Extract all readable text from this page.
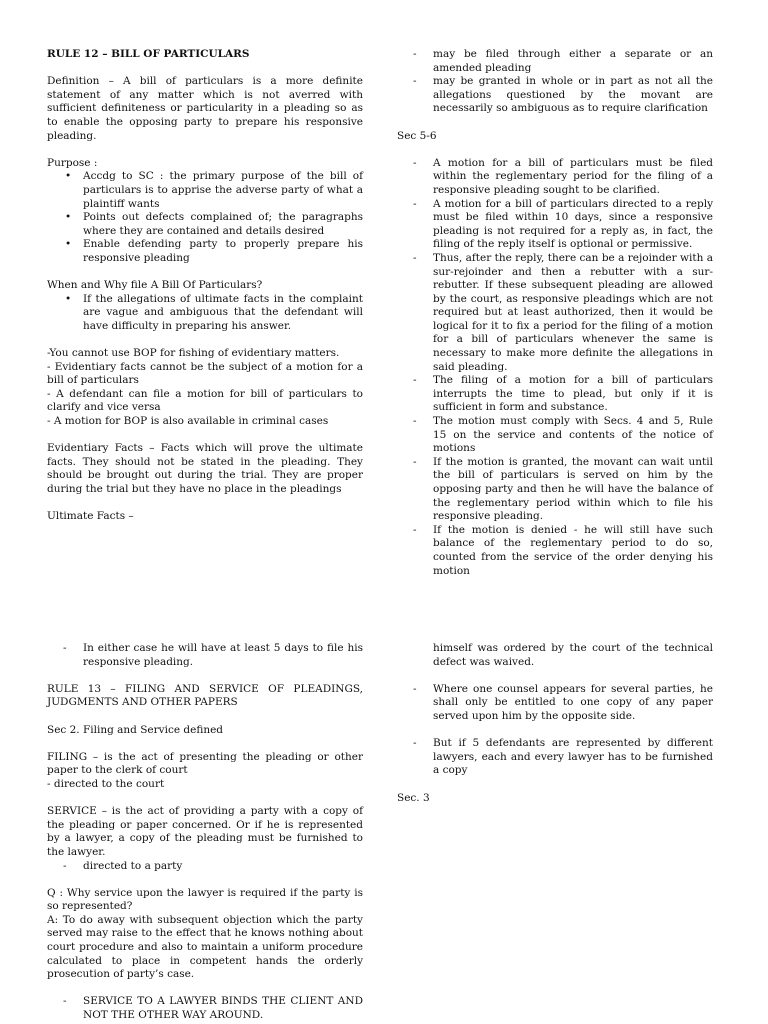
RULE 12 – BILL OF PARTICULARS

Definition – A bill of particulars is a more definite statement of any matter which is not averred with sufficient definiteness or particularity in a pleading so as to enable the opposing party to prepare his responsive pleading.

Purpose :

• Accdg to SC : the primary purpose of the bill of particulars is to apprise the adverse party of what a plaintiff wants
• Points out defects complained of; the paragraphs where they are contained and details desired
• Enable defending party to properly prepare his responsive pleading

When and Why file A Bill Of Particulars?

• If the allegations of ultimate facts in the complaint are vague and ambiguous that the defendant will have difficulty in preparing his answer.

-You cannot use BOP for fishing of evidentiary matters.

- Evidentiary facts cannot be the subject of a motion for a bill of particulars

- A defendant can file a motion for bill of particulars to clarify and vice versa

- A motion for BOP is also available in criminal cases

Evidentiary Facts – Facts which will prove the ultimate facts. They should not be stated in the pleading. They should be brought out during the trial. They are proper during the trial but they have no place in the pleadings

Ultimate Facts –

- may be filed through either a separate or an amended pleading
- may be granted in whole or in part as not all the allegations questioned by the movant are necessarily so ambiguous as to require clarification

Sec 5-6

- A motion for a bill of particulars must be filed within the reglementary period for the filing of a responsive pleading sought to be clarified.
- A motion for a bill of particulars directed to a reply must be filed within 10 days, since a responsive pleading is not required for a reply as, in fact, the filing of the reply itself is optional or permissive.
- Thus, after the reply, there can be a rejoinder with a sur-rejoinder and then a rebutter with a sur-rebutter. If these subsequent pleading are allowed by the court, as responsive pleadings which are not required but at least authorized, then it would be logical for it to fix a period for the filing of a motion for a bill of particulars whenever the same is necessary to make more definite the allegations in said pleading.
- The filing of a motion for a bill of particulars interrupts the time to plead, but only if it is sufficient in form and substance.
- The motion must comply with Secs. 4 and 5, Rule 15 on the service and contents of the notice of motions
- If the motion is granted, the movant can wait until the bill of particulars is served on him by the opposing party and then he will have the balance of the reglementary period within which to file his responsive pleading.
- If the motion is denied - he will still have such balance of the reglementary period to do so, counted from the service of the order denying his motion
- In either case he will have at least 5 days to file his responsive pleading.

RULE 13 – FILING AND SERVICE OF PLEADINGS, JUDGMENTS AND OTHER PAPERS

Sec 2. Filing and Service defined

FILING – is the act of presenting the pleading or other paper to the clerk of court

- directed to the court

SERVICE – is the act of providing a party with a copy of the pleading or paper concerned. Or if he is represented by a lawyer, a copy of the pleading must be furnished to the lawyer.

- directed to a party

Q : Why service upon the lawyer is required if the party is so represented?

A: To do away with subsequent objection which the party served may raise to the effect that he knows nothing about court procedure and also to maintain a uniform procedure calculated to place in competent hands the orderly prosecution of party’s case.

- SERVICE TO A LAWYER BINDS THE CLIENT AND NOT THE OTHER WAY AROUND.

himself was ordered by the court of the technical defect was waived.

- Where one counsel appears for several parties, he shall only be entitled to one copy of any paper served upon him by the opposite side.
- But if 5 defendants are represented by different lawyers, each and every lawyer has to be furnished a copy

Sec. 3
